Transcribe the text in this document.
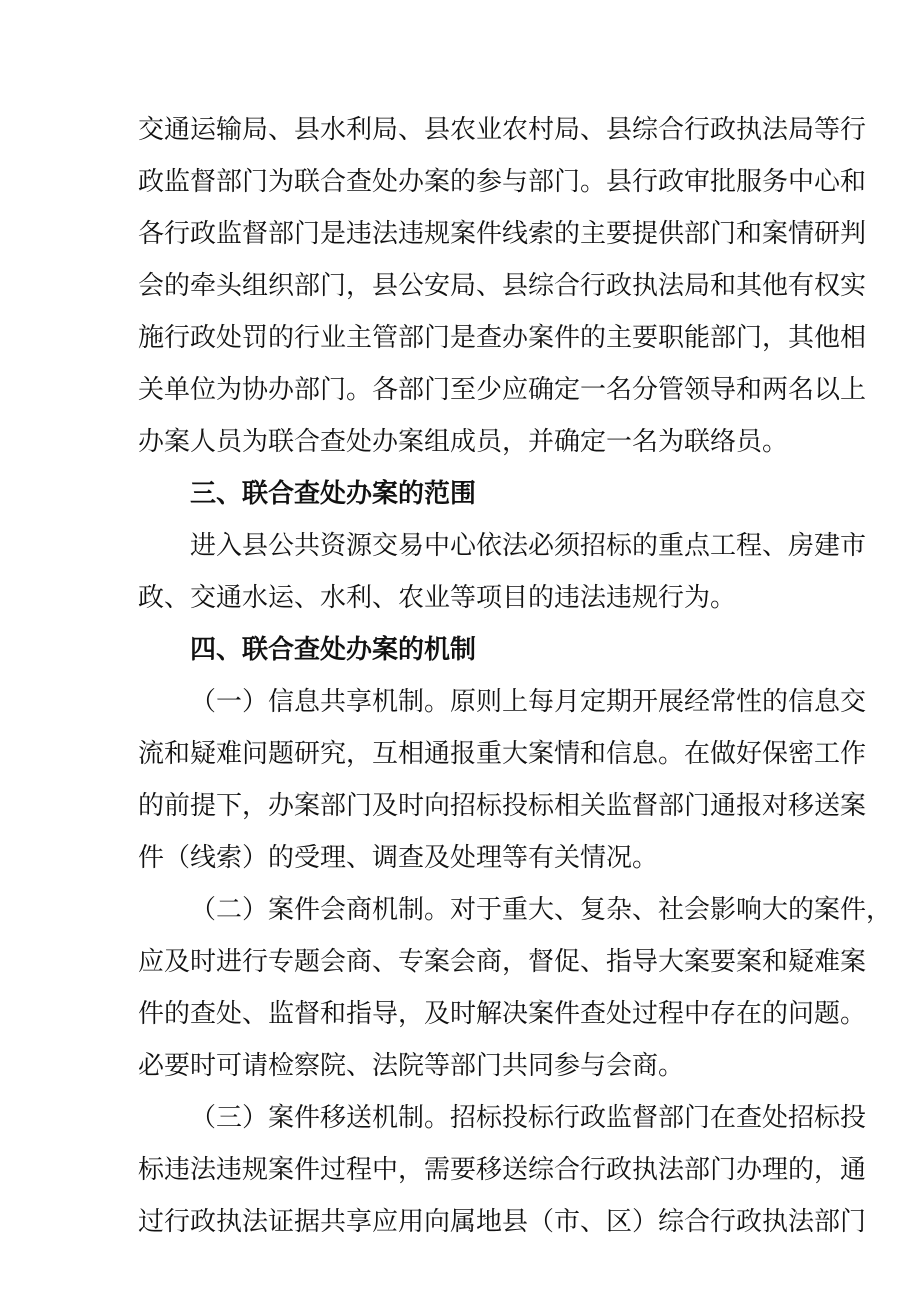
交通运输局、县水利局、县农业农村局、县综合行政执法局等行
政监督部门为联合查处办案的参与部门。县行政审批服务中心和
各行政监督部门是违法违规案件线索的主要提供部门和案情研判
会的牵头组织部门，县公安局、县综合行政执法局和其他有权实
施行政处罚的行业主管部门是查办案件的主要职能部门，其他相
关单位为协办部门。各部门至少应确定一名分管领导和两名以上
办案人员为联合查处办案组成员，并确定一名为联络员。
三、联合查处办案的范围
进入县公共资源交易中心依法必须招标的重点工程、房建市
政、交通水运、水利、农业等项目的违法违规行为。
四、联合查处办案的机制
（一）信息共享机制。原则上每月定期开展经常性的信息交
流和疑难问题研究，互相通报重大案情和信息。在做好保密工作
的前提下，办案部门及时向招标投标相关监督部门通报对移送案
件（线索）的受理、调查及处理等有关情况。
（二）案件会商机制。对于重大、复杂、社会影响大的案件，
应及时进行专题会商、专案会商，督促、指导大案要案和疑难案
件的查处、监督和指导，及时解决案件查处过程中存在的问题。
必要时可请检察院、法院等部门共同参与会商。
（三）案件移送机制。招标投标行政监督部门在查处招标投
标违法违规案件过程中，需要移送综合行政执法部门办理的，通
过行政执法证据共享应用向属地县（市、区）综合行政执法部门
